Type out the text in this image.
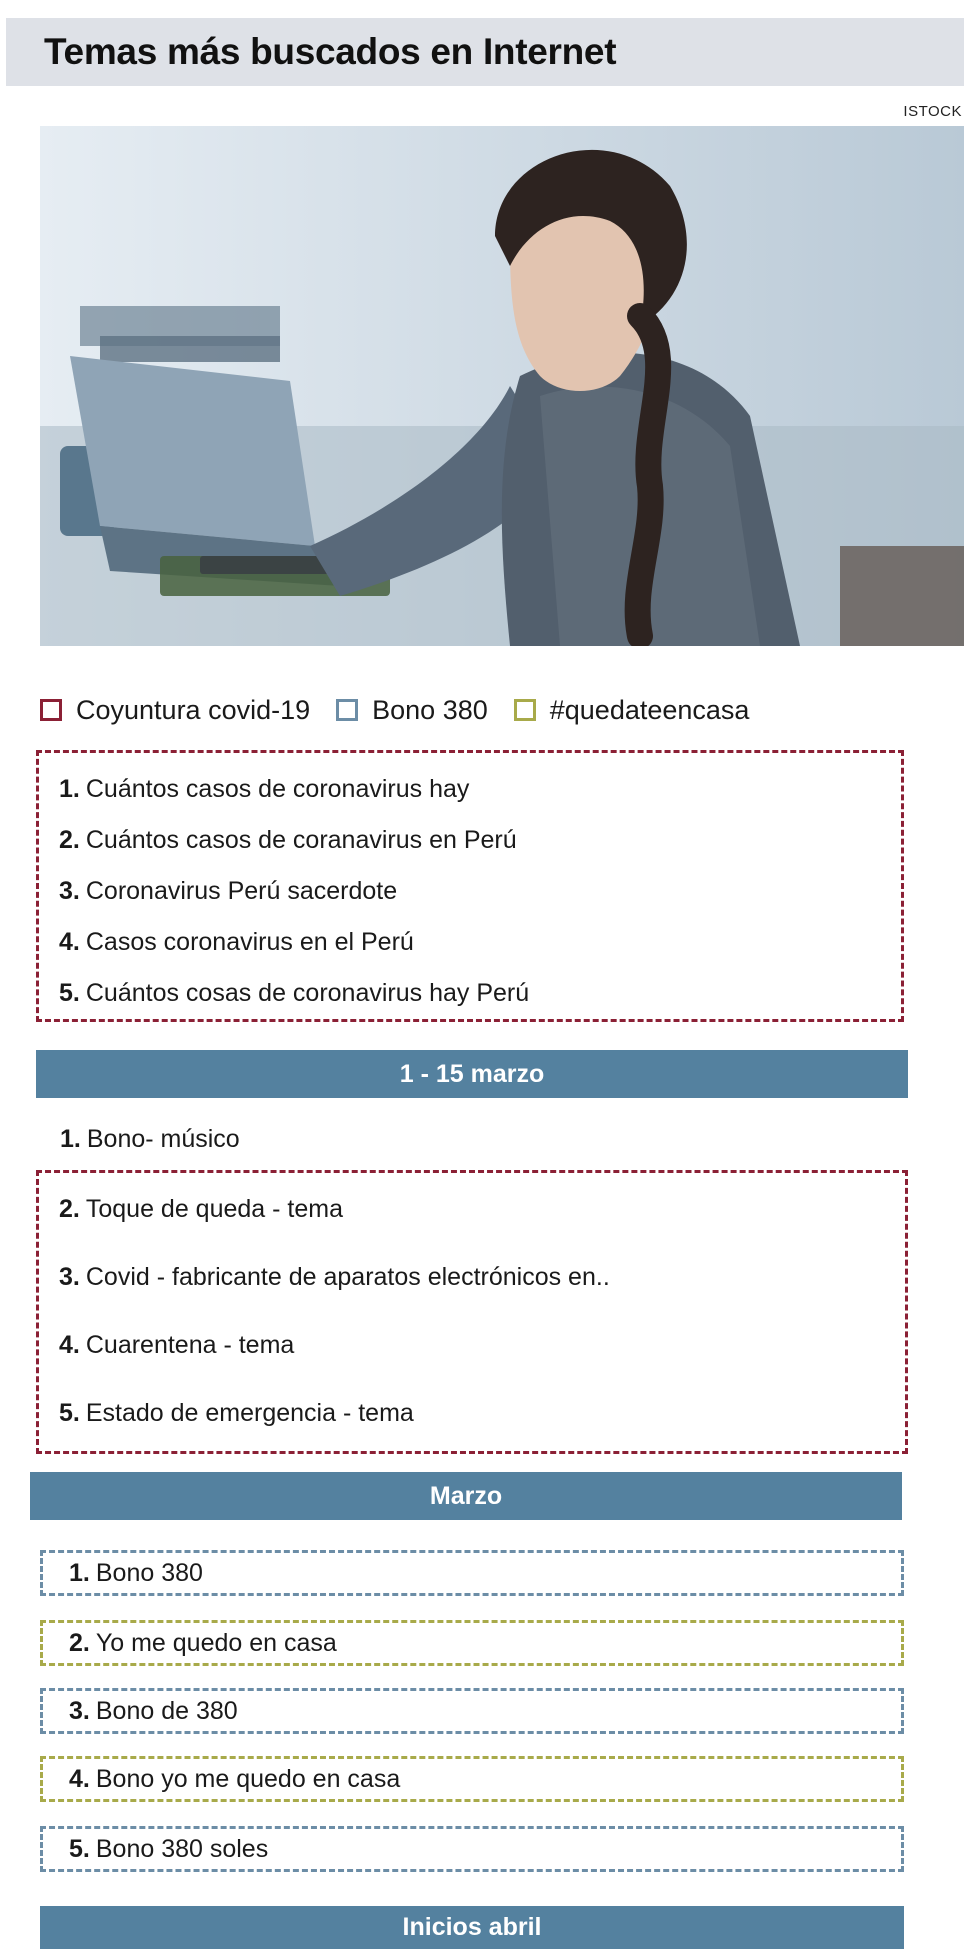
Temas más buscados en Internet
ISTOCK
Coyuntura covid-19 Bono 380 #quedateencasa
1. Cuántos casos de coronavirus hay
2. Cuántos casos de coranavirus en Perú
3. Coronavirus Perú sacerdote
4. Casos coronavirus en el Perú
5. Cuántos cosas de coronavirus hay Perú
1 - 15 marzo
1. Bono- músico
2. Toque de queda - tema
3. Covid - fabricante de aparatos electrónicos en..
4. Cuarentena - tema
5. Estado de emergencia - tema
Marzo
1. Bono 380
2. Yo me quedo en casa
3. Bono de 380
4. Bono yo me quedo en casa
5. Bono 380 soles
Inicios abril
